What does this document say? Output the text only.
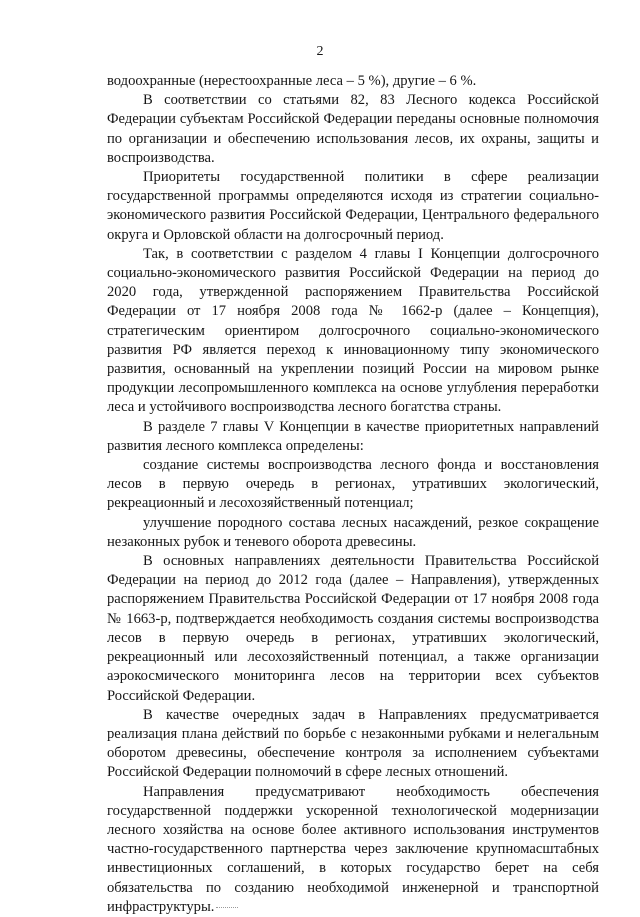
2

водоохранные (нерестоохранные леса – 5 %), другие – 6 %.

В соответствии со статьями 82, 83 Лесного кодекса Российской Федерации субъектам Российской Федерации переданы основные полномочия по организации и обеспечению использования лесов, их охраны, защиты и воспроизводства.

Приоритеты государственной политики в сфере реализации государственной программы определяются исходя из стратегии социально-экономического развития Российской Федерации, Центрального федерального округа и Орловской области на долгосрочный период.

Так, в соответствии с разделом 4 главы I Концепции долгосрочного социально-экономического развития Российской Федерации на период до 2020 года, утвержденной распоряжением Правительства Российской Федерации от 17 ноября 2008 года № 1662-р (далее – Концепция), стратегическим ориентиром долгосрочного социально-экономического развития РФ является переход к инновационному типу экономического развития, основанный на укреплении позиций России на мировом рынке продукции лесопромышленного комплекса на основе углубления переработки леса и устойчивого воспроизводства лесного богатства страны.

В разделе 7 главы V Концепции в качестве приоритетных направлений развития лесного комплекса определены:

создание системы воспроизводства лесного фонда и восстановления лесов в первую очередь в регионах, утративших экологический, рекреационный и лесохозяйственный потенциал;

улучшение породного состава лесных насаждений, резкое сокращение незаконных рубок и теневого оборота древесины.

В основных направлениях деятельности Правительства Российской Федерации на период до 2012 года (далее – Направления), утвержденных распоряжением Правительства Российской Федерации от 17 ноября 2008 года № 1663-р, подтверждается необходимость создания системы воспроизводства лесов в первую очередь в регионах, утративших экологический, рекреационный или лесохозяйственный потенциал, а также организации аэрокосмического мониторинга лесов на территории всех субъектов Российской Федерации.

В качестве очередных задач в Направлениях предусматривается реализация плана действий по борьбе с незаконными рубками и нелегальным оборотом древесины, обеспечение контроля за исполнением субъектами Российской Федерации полномочий в сфере лесных отношений.

Направления предусматривают необходимость обеспечения государственной поддержки ускоренной технологической модернизации лесного хозяйства на основе более активного использования инструментов частно-государственного партнерства через заключение крупномасштабных инвестиционных соглашений, в которых государство берет на себя обязательства по созданию необходимой инженерной и транспортной инфраструктуры.
